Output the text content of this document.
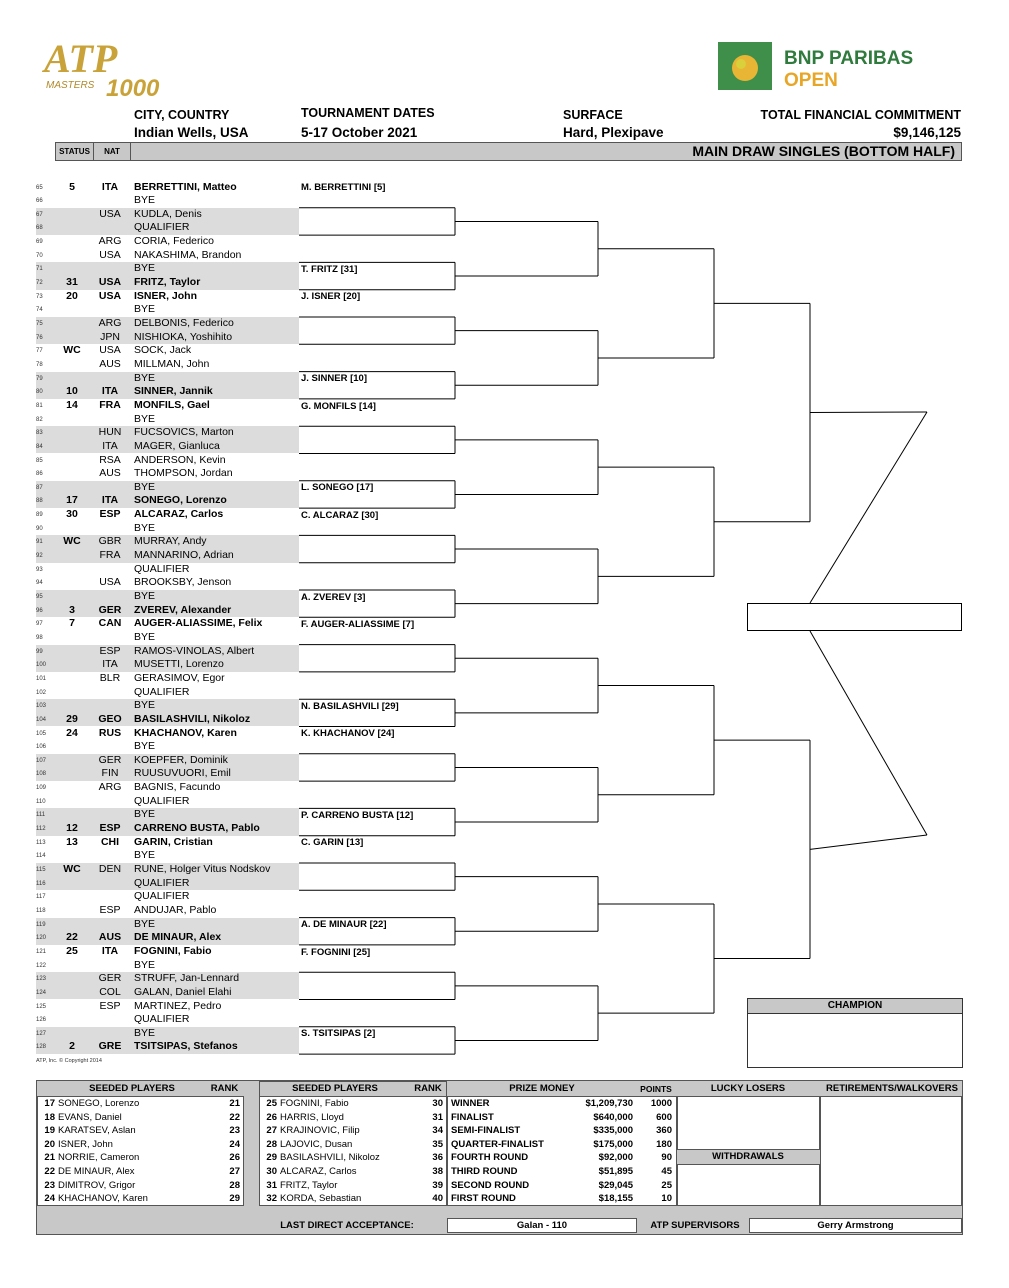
ATP
MASTERS 1000
BNP PARIBAS
OPEN
CITY, COUNTRY
Indian Wells, USA
TOURNAMENT DATES
5-17 October 2021
SURFACE
Hard, Plexipave
TOTAL FINANCIAL COMMITMENT
$9,146,125
STATUS	NAT	MAIN DRAW SINGLES (BOTTOM HALF)
65	5	ITA	BERRETTINI, Matteo
66	BYE
67	USA	KUDLA, Denis
68	QUALIFIER
69	ARG	CORIA, Federico
70	USA	NAKASHIMA, Brandon
71	BYE
72	31	USA	FRITZ, Taylor
73	20	USA	ISNER, John
74	BYE
75	ARG	DELBONIS, Federico
76	JPN	NISHIOKA, Yoshihito
77	WC	USA	SOCK, Jack
78	AUS	MILLMAN, John
79	BYE
80	10	ITA	SINNER, Jannik
81	14	FRA	MONFILS, Gael
82	BYE
83	HUN	FUCSOVICS, Marton
84	ITA	MAGER, Gianluca
85	RSA	ANDERSON, Kevin
86	AUS	THOMPSON, Jordan
87	BYE
88	17	ITA	SONEGO, Lorenzo
89	30	ESP	ALCARAZ, Carlos
90	BYE
91	WC	GBR	MURRAY, Andy
92	FRA	MANNARINO, Adrian
93	QUALIFIER
94	USA	BROOKSBY, Jenson
95	BYE
96	3	GER	ZVEREV, Alexander
97	7	CAN	AUGER-ALIASSIME, Felix
98	BYE
99	ESP	RAMOS-VINOLAS, Albert
100	ITA	MUSETTI, Lorenzo
101	BLR	GERASIMOV, Egor
102	QUALIFIER
103	BYE
104	29	GEO	BASILASHVILI, Nikoloz
105	24	RUS	KHACHANOV, Karen
106	BYE
107	GER	KOEPFER, Dominik
108	FIN	RUUSUVUORI, Emil
109	ARG	BAGNIS, Facundo
110	QUALIFIER
111	BYE
112	12	ESP	CARRENO BUSTA, Pablo
113	13	CHI	GARIN, Cristian
114	BYE
115	WC	DEN	RUNE, Holger Vitus Nodskov
116	QUALIFIER
117	QUALIFIER
118	ESP	ANDUJAR, Pablo
119	BYE
120	22	AUS	DE MINAUR, Alex
121	25	ITA	FOGNINI, Fabio
122	BYE
123	GER	STRUFF, Jan-Lennard
124	COL	GALAN, Daniel Elahi
125	ESP	MARTINEZ, Pedro
126	QUALIFIER
127	BYE
128	2	GRE	TSITSIPAS, Stefanos
M. BERRETTINI [5]
T. FRITZ [31]
J. ISNER [20]
J. SINNER [10]
G. MONFILS [14]
L. SONEGO [17]
C. ALCARAZ [30]
A. ZVEREV [3]
F. AUGER-ALIASSIME [7]
N. BASILASHVILI [29]
K. KHACHANOV [24]
P. CARRENO BUSTA [12]
C. GARIN [13]
A. DE MINAUR [22]
F. FOGNINI [25]
S. TSITSIPAS [2]
CHAMPION
ATP, Inc. © Copyright 2014
SEEDED PLAYERS	RANK
17 SONEGO, Lorenzo	21
18 EVANS, Daniel	22
19 KARATSEV, Aslan	23
20 ISNER, John	24
21 NORRIE, Cameron	26
22 DE MINAUR, Alex	27
23 DIMITROV, Grigor	28
24 KHACHANOV, Karen	29
SEEDED PLAYERS	RANK
25 FOGNINI, Fabio	30
26 HARRIS, Lloyd	31
27 KRAJINOVIC, Filip	34
28 LAJOVIC, Dusan	35
29 BASILASHVILI, Nikoloz	36
30 ALCARAZ, Carlos	38
31 FRITZ, Taylor	39
32 KORDA, Sebastian	40
PRIZE MONEY	POINTS
WINNER	$1,209,730 1000
FINALIST	$640,000 600
SEMI-FINALIST	$335,000 360
QUARTER-FINALIST	$175,000 180
FOURTH ROUND	$92,000	90
THIRD ROUND	$51,895	45
SECOND ROUND	$29,045	25
FIRST ROUND	$18,155	10
LUCKY LOSERS
WITHDRAWALS
RETIREMENTS/WALKOVERS
LAST DIRECT ACCEPTANCE:	Galan - 110	ATP SUPERVISORS	Gerry Armstrong
